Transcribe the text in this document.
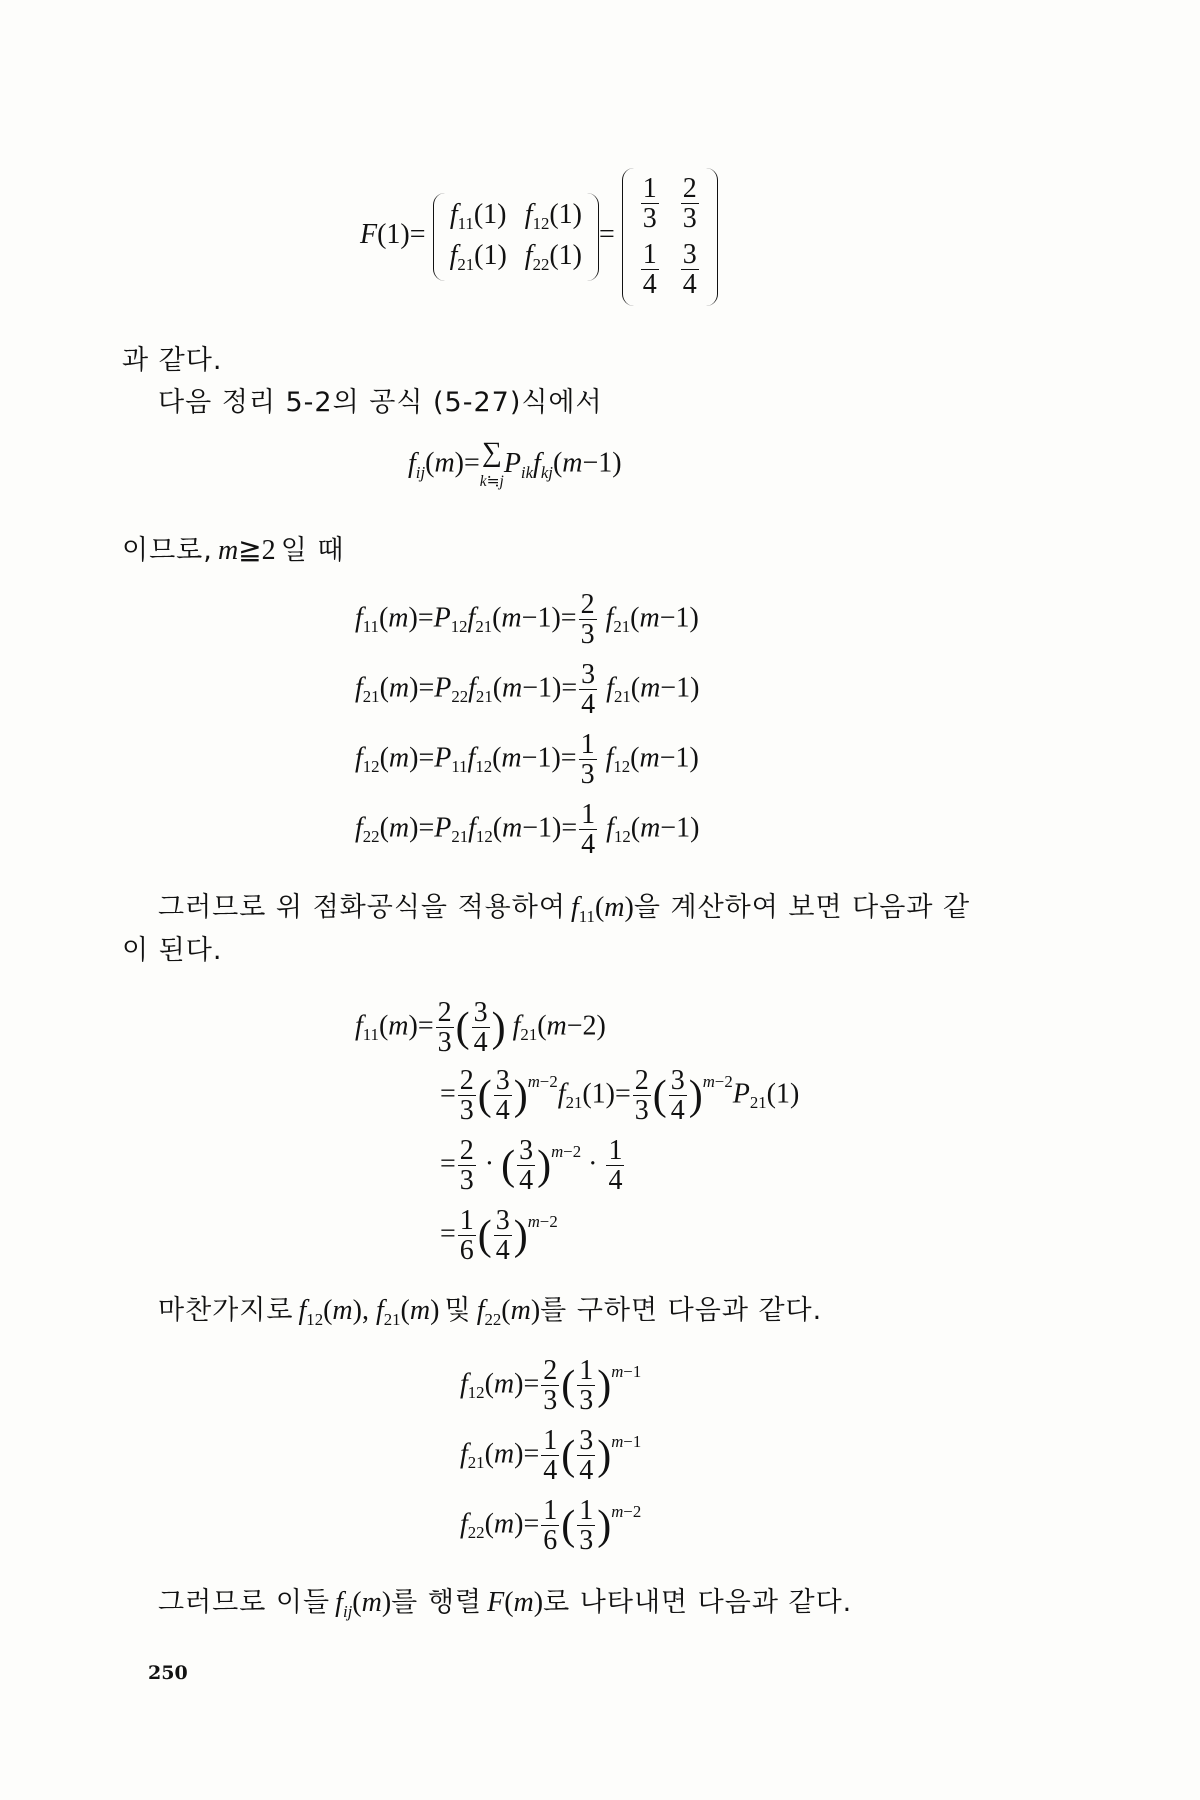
$F(1)= f_{11}(1)$	$f_{12}(1)$
$f_{21}(1)$	$f_{22}(1)=$
$\frac{1}{3}$	$\frac{2}{3}$

$\frac{1}{4}$	$\frac{3}{4}$
과 같다.
다음 정리 5-2의 공식 (5-27)식에서
$f_{ij}(m)=\sum$
$k≒jP_{ik}f_{kj}(m-1)$
이므로, m≧2 일 때
$f_{11}(m)=P_{12}f_{21}(m-1)= \frac{2}{3} f_{21}(m-1)$
$f_{21}(m)=P_{22}f_{21}(m-1)= \frac{3}{4} f_{21}(m-1)$
$f_{12}(m)=P_{11}f_{12}(m-1)= \frac{1}{3} f_{12}(m-1)$
$f_{22}(m)=P_{21}f_{12}(m-1)= \frac{1}{4} f_{12}(m-1)$
그러므로 위 점화공식을 적용하여 $f_{11}(m)$을 계산하여 보면 다음과 같
이 된다.
$f_{11}(m)= \frac{2}{3}$ ( $\frac{3}{4}$ ) $f_{21}(m-2)$
= $\frac{2}{3}$ ( $\frac{3}{4} )^{m-2}f_{21}(1)= \frac{2}{3}$ ( $\frac{3}{4} )^{m-2}P_{21}(1)$
= $\frac{2}{3}$ · ( $\frac{3}{4} )^{m-2} \cdot \frac{1}{4}$
= $\frac{1}{6}$ ( $\frac{3}{4} )^{m-2}$
마찬가지로 $f_{12}(m)$, $f_{21}(m)$ 및 $f_{22}(m)$를 구하면 다음과 같다.
$f_{12}(m)= \frac{2}{3}$ ( $\frac{1}{3} )^{m-1}$
$f_{21}(m)= \frac{1}{4}$ ( $\frac{3}{4} )^{m-1}$
$f_{22}(m)= \frac{1}{6}$ ( $\frac{1}{3} )^{m-2}$
그러므로 이들 $f_{ij}(m)$를 행렬 F(m)로 나타내면 다음과 같다.
250
